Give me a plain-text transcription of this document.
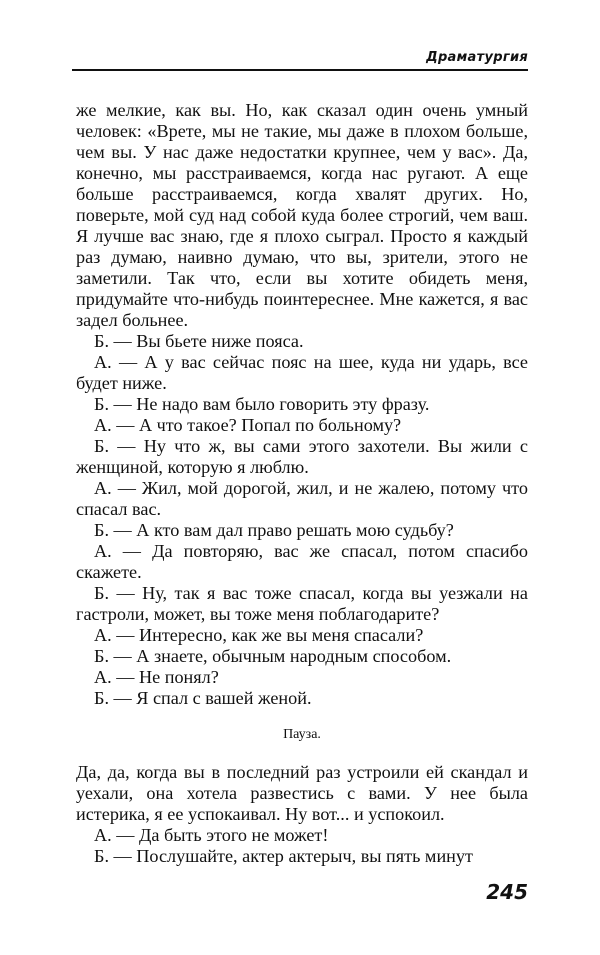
Драматургия

же мелкие, как вы. Но, как сказал один очень умный человек: «Врете, мы не такие, мы даже в плохом больше, чем вы. У нас даже недостатки крупнее, чем у вас». Да, конечно, мы расстраиваемся, когда нас ругают. А еще больше расстраиваемся, когда хвалят других. Но, поверьте, мой суд над собой куда более строгий, чем ваш. Я лучше вас знаю, где я плохо сыграл. Просто я каждый раз думаю, наивно думаю, что вы, зрители, этого не заметили. Так что, если вы хотите обидеть меня, придумайте что-нибудь поинтереснее. Мне кажется, я вас задел больнее.

Б. — Вы бьете ниже пояса.

А. — А у вас сейчас пояс на шее, куда ни ударь, все будет ниже.

Б. — Не надо вам было говорить эту фразу.

А. — А что такое? Попал по больному?

Б. — Ну что ж, вы сами этого захотели. Вы жили с женщиной, которую я люблю.

А. — Жил, мой дорогой, жил, и не жалею, потому что спасал вас.

Б. — А кто вам дал право решать мою судьбу?

А. — Да повторяю, вас же спасал, потом спасибо скажете.

Б. — Ну, так я вас тоже спасал, когда вы уезжали на гастроли, может, вы тоже меня поблагодарите?

А. — Интересно, как же вы меня спасали?

Б. — А знаете, обычным народным способом.

А. — Не понял?

Б. — Я спал с вашей женой.

Пауза.

Да, да, когда вы в последний раз устроили ей скандал и уехали, она хотела развестись с вами. У нее была истерика, я ее успокаивал. Ну вот... и успокоил.

А. — Да быть этого не может!

Б. — Послушайте, актер актерыч, вы пять минут

245
